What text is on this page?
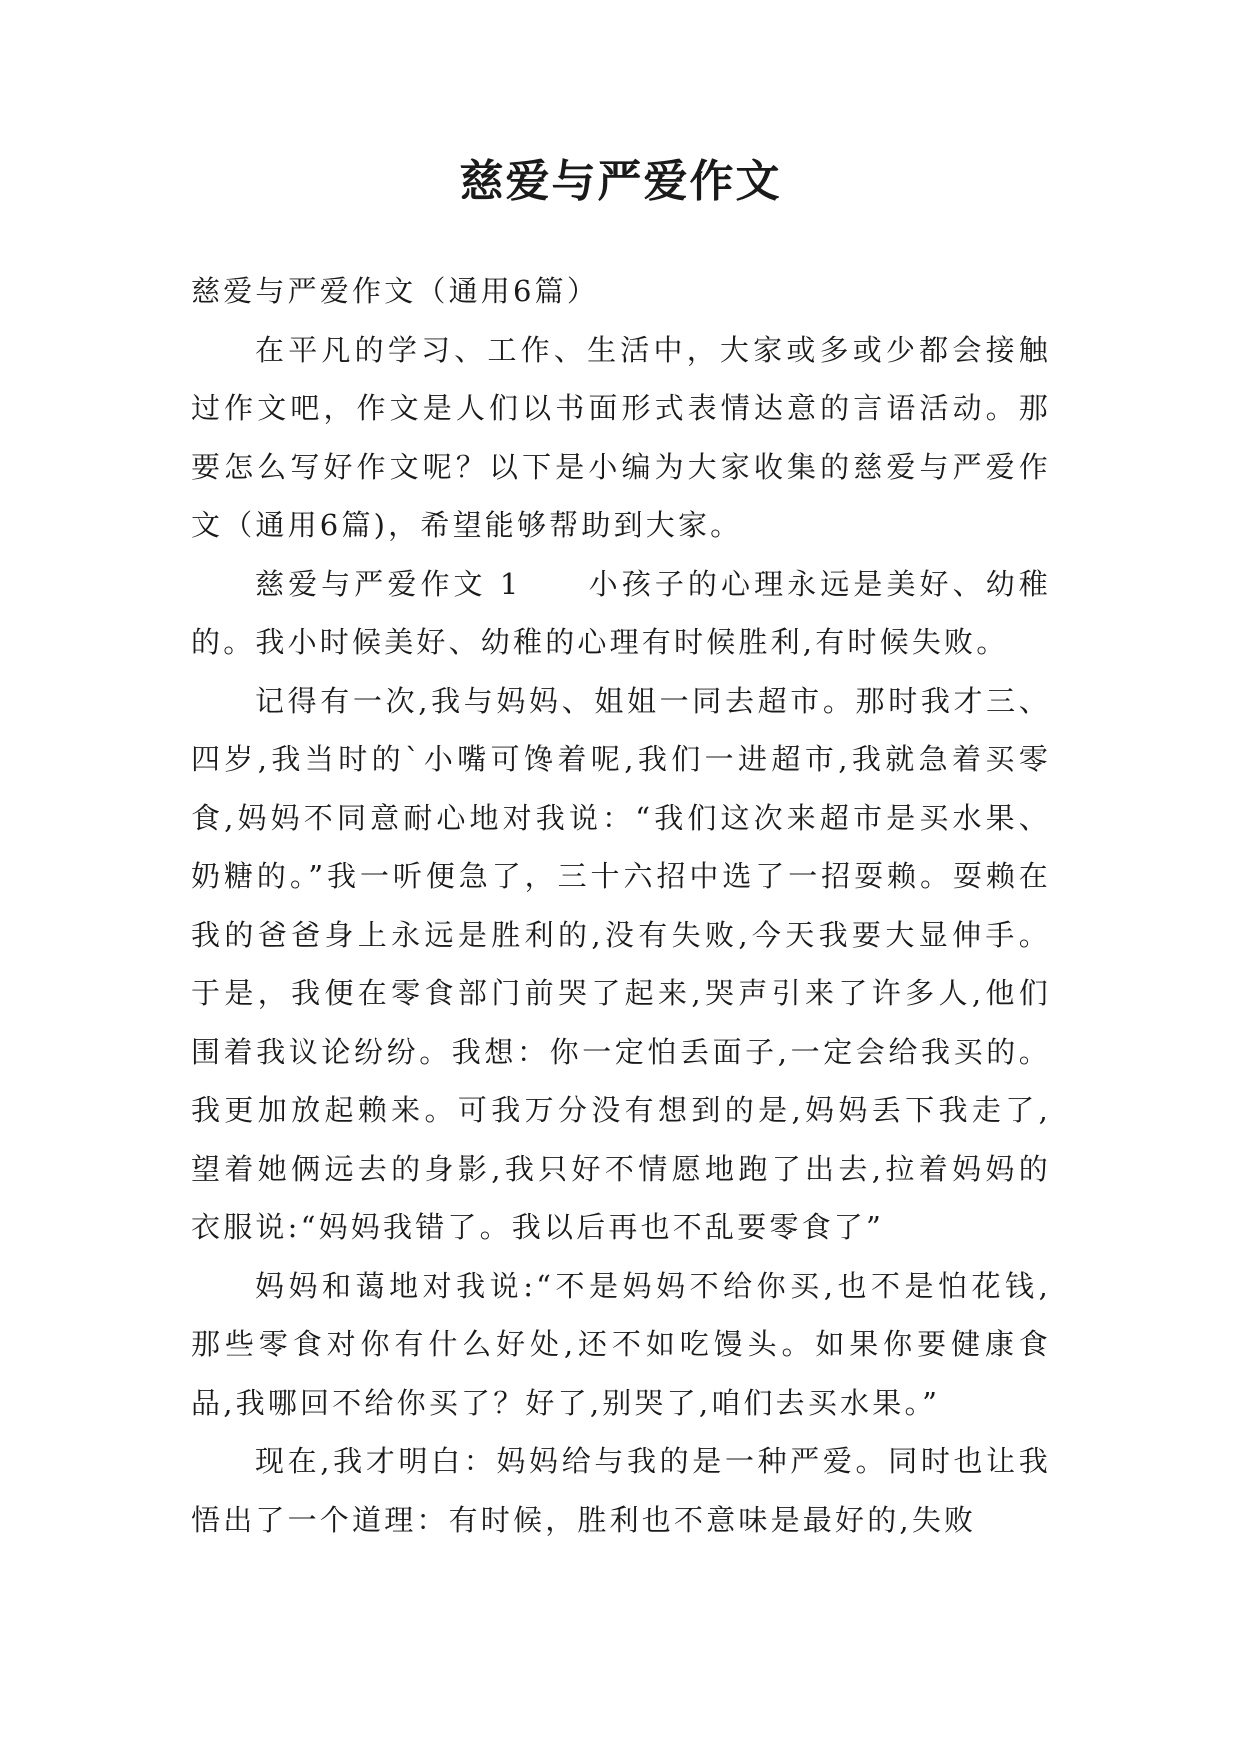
慈爱与严爱作文

慈爱与严爱作文（通用6篇）

在平凡的学习、工作、生活中，大家或多或少都会接触过作文吧，作文是人们以书面形式表情达意的言语活动。那要怎么写好作文呢？以下是小编为大家收集的慈爱与严爱作文（通用6篇)，希望能够帮助到大家。

慈爱与严爱作文 1　　小孩子的心理永远是美好、幼稚的。我小时候美好、幼稚的心理有时候胜利,有时候失败。

记得有一次,我与妈妈、姐姐一同去超市。那时我才三、四岁,我当时的`小嘴可馋着呢,我们一进超市,我就急着买零食,妈妈不同意耐心地对我说：“我们这次来超市是买水果、奶糖的。”我一听便急了，三十六招中选了一招耍赖。耍赖在我的爸爸身上永远是胜利的,没有失败,今天我要大显伸手。于是，我便在零食部门前哭了起来,哭声引来了许多人,他们围着我议论纷纷。我想：你一定怕丢面子,一定会给我买的。我更加放起赖来。可我万分没有想到的是,妈妈丢下我走了,望着她俩远去的身影,我只好不情愿地跑了出去,拉着妈妈的衣服说:“妈妈我错了。我以后再也不乱要零食了”

妈妈和蔼地对我说:“不是妈妈不给你买,也不是怕花钱,那些零食对你有什么好处,还不如吃馒头。如果你要健康食品,我哪回不给你买了？好了,别哭了,咱们去买水果。”

现在,我才明白：妈妈给与我的是一种严爱。同时也让我悟出了一个道理：有时候，胜利也不意味是最好的,失败
